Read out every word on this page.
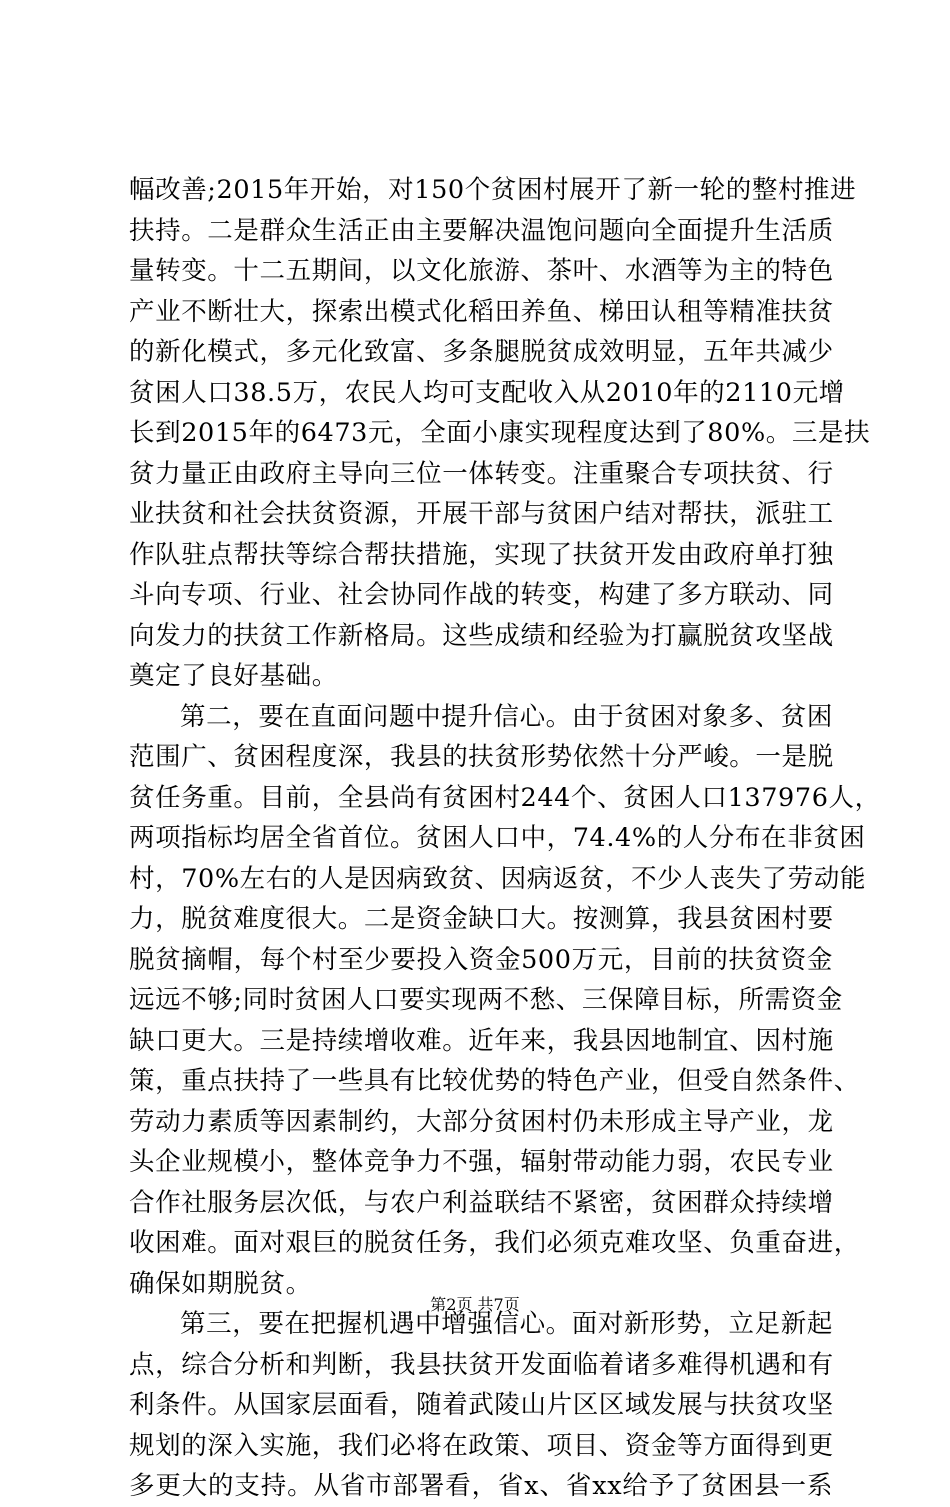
幅改善;2015年开始，对150个贫困村展开了新一轮的整村推进
扶持。二是群众生活正由主要解决温饱问题向全面提升生活质
量转变。十二五期间，以文化旅游、茶叶、水酒等为主的特色
产业不断壮大，探索出模式化稻田养鱼、梯田认租等精准扶贫
的新化模式，多元化致富、多条腿脱贫成效明显，五年共减少
贫困人口38.5万，农民人均可支配收入从2010年的2110元增
长到2015年的6473元，全面小康实现程度达到了80%。三是扶
贫力量正由政府主导向三位一体转变。注重聚合专项扶贫、行
业扶贫和社会扶贫资源，开展干部与贫困户结对帮扶，派驻工
作队驻点帮扶等综合帮扶措施，实现了扶贫开发由政府单打独
斗向专项、行业、社会协同作战的转变，构建了多方联动、同
向发力的扶贫工作新格局。这些成绩和经验为打赢脱贫攻坚战
奠定了良好基础。
第二，要在直面问题中提升信心。由于贫困对象多、贫困
范围广、贫困程度深，我县的扶贫形势依然十分严峻。一是脱
贫任务重。目前，全县尚有贫困村244个、贫困人口137976人，
两项指标均居全省首位。贫困人口中，74.4%的人分布在非贫困
村，70%左右的人是因病致贫、因病返贫，不少人丧失了劳动能
力，脱贫难度很大。二是资金缺口大。按测算，我县贫困村要
脱贫摘帽，每个村至少要投入资金500万元，目前的扶贫资金
远远不够;同时贫困人口要实现两不愁、三保障目标，所需资金
缺口更大。三是持续增收难。近年来，我县因地制宜、因村施
策，重点扶持了一些具有比较优势的特色产业，但受自然条件、
劳动力素质等因素制约，大部分贫困村仍未形成主导产业，龙
头企业规模小，整体竞争力不强，辐射带动能力弱，农民专业
合作社服务层次低，与农户利益联结不紧密，贫困群众持续增
收困难。面对艰巨的脱贫任务，我们必须克难攻坚、负重奋进，
确保如期脱贫。
第三，要在把握机遇中增强信心。面对新形势，立足新起
点，综合分析和判断，我县扶贫开发面临着诸多难得机遇和有
利条件。从国家层面看，随着武陵山片区区域发展与扶贫攻坚
规划的深入实施，我们必将在政策、项目、资金等方面得到更
多更大的支持。从省市部署看，省x、省xx给予了贫困县一系
第2页 共7页
